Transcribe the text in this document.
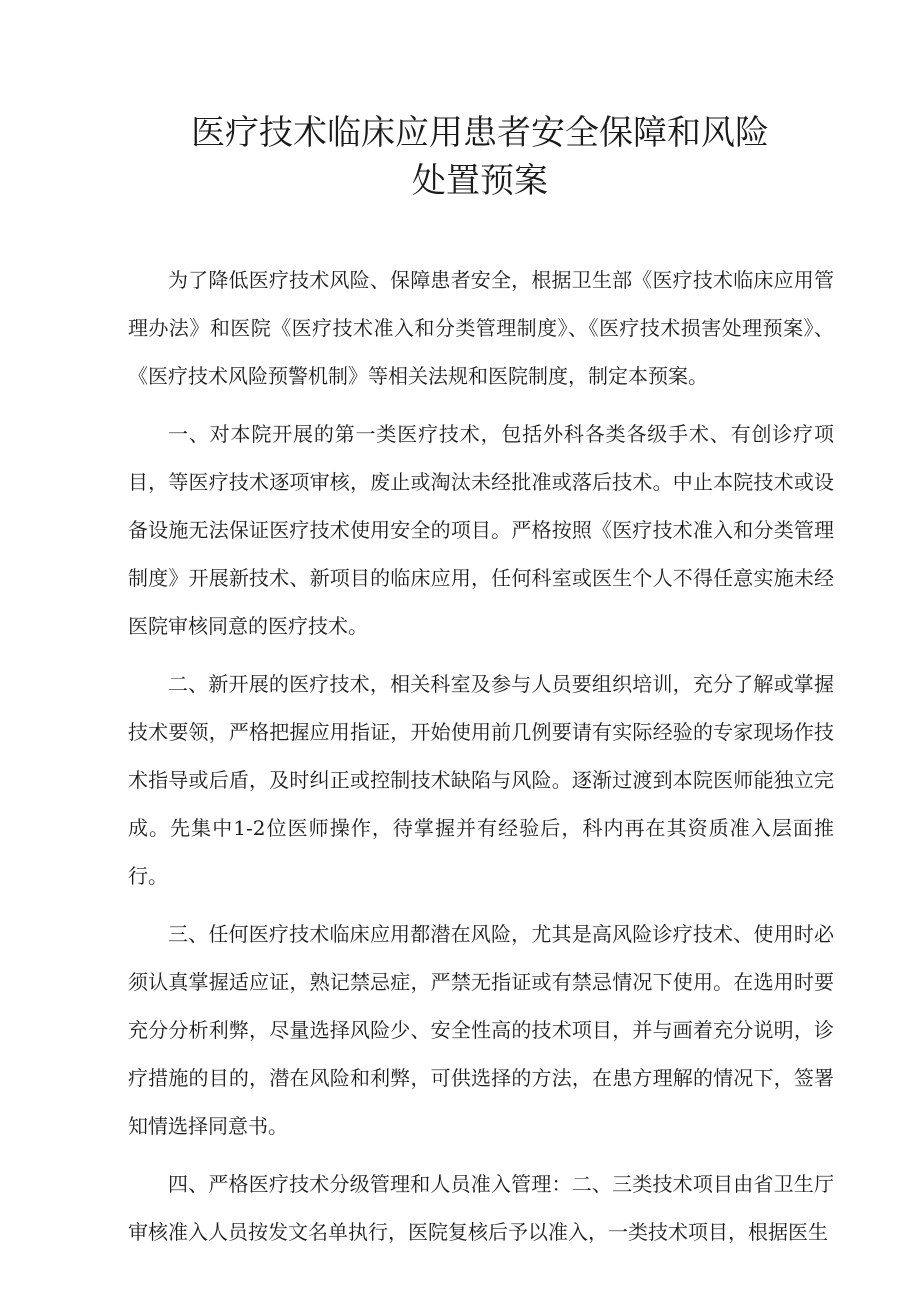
医疗技术临床应用患者安全保障和风险
处置预案

为了降低医疗技术风险、保障患者安全，根据卫生部《医疗技术临床应用管理办法》和医院《医疗技术准入和分类管理制度》、《医疗技术损害处理预案》、《医疗技术风险预警机制》等相关法规和医院制度，制定本预案。

一、对本院开展的第一类医疗技术，包括外科各类各级手术、有创诊疗项目，等医疗技术逐项审核，废止或淘汰未经批准或落后技术。中止本院技术或设备设施无法保证医疗技术使用安全的项目。严格按照《医疗技术准入和分类管理制度》开展新技术、新项目的临床应用，任何科室或医生个人不得任意实施未经医院审核同意的医疗技术。

二、新开展的医疗技术，相关科室及参与人员要组织培训，充分了解或掌握技术要领，严格把握应用指证，开始使用前几例要请有实际经验的专家现场作技术指导或后盾，及时纠正或控制技术缺陷与风险。逐渐过渡到本院医师能独立完成。先集中1-2位医师操作，待掌握并有经验后，科内再在其资质准入层面推行。

三、任何医疗技术临床应用都潜在风险，尤其是高风险诊疗技术、使用时必须认真掌握适应证，熟记禁忌症，严禁无指证或有禁忌情况下使用。在选用时要充分分析利弊，尽量选择风险少、安全性高的技术项目，并与画着充分说明，诊疗措施的目的，潜在风险和利弊，可供选择的方法，在患方理解的情况下，签署知情选择同意书。

四、严格医疗技术分级管理和人员准入管理：二、三类技术项目由省卫生厅审核准入人员按发文名单执行，医院复核后予以准入，一类技术项目，根据医生
